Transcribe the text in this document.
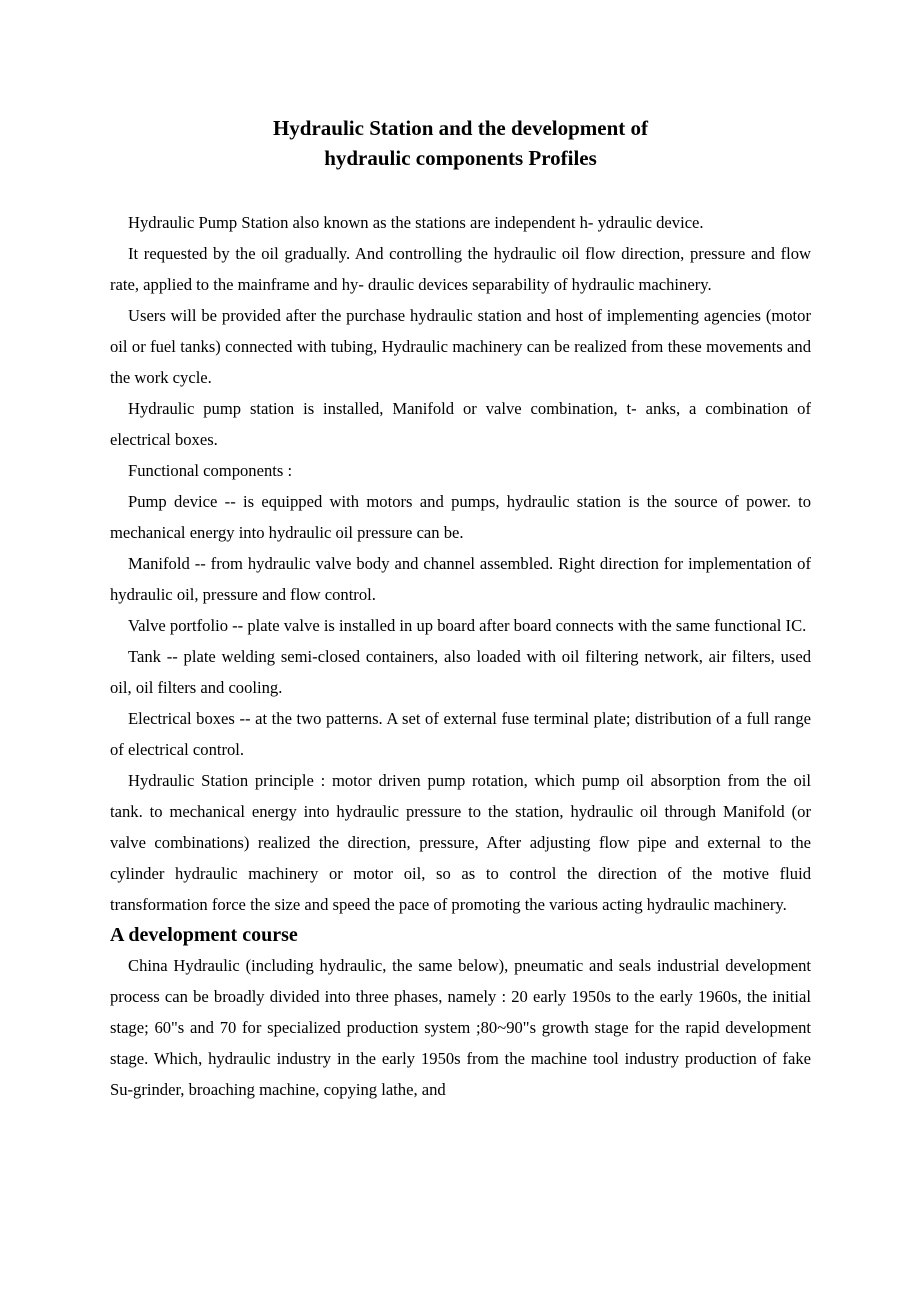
Hydraulic Station and the development of
hydraulic components Profiles

Hydraulic Pump Station also known as the stations are independent h- ydraulic device.

It requested by the oil gradually. And controlling the hydraulic oil flow direction, pressure and flow rate, applied to the mainframe and hy- draulic devices separability of hydraulic machinery.

Users will be provided after the purchase hydraulic station and host of implementing agencies (motor oil or fuel tanks) connected with tubing, Hydraulic machinery can be realized from these movements and the work cycle.

Hydraulic pump station is installed, Manifold or valve combination, t- anks, a combination of electrical boxes.

Functional components :

Pump device -- is equipped with motors and pumps, hydraulic station is the source of power. to mechanical energy into hydraulic oil pressure can be.

Manifold -- from hydraulic valve body and channel assembled. Right direction for implementation of hydraulic oil, pressure and flow control.

Valve portfolio -- plate valve is installed in up board after board connects with the same functional IC.

Tank -- plate welding semi-closed containers, also loaded with oil filtering network, air filters, used oil, oil filters and cooling.

Electrical boxes -- at the two patterns. A set of external fuse terminal plate; distribution of a full range of electrical control.

Hydraulic Station principle : motor driven pump rotation, which pump oil absorption from the oil tank. to mechanical energy into hydraulic pressure to the station, hydraulic oil through Manifold (or valve combinations) realized the direction, pressure, After adjusting flow pipe and external to the cylinder hydraulic machinery or motor oil, so as to control the direction of the motive fluid transformation force the size and speed the pace of promoting the various acting hydraulic machinery.

A development course

China Hydraulic (including hydraulic, the same below), pneumatic and seals industrial development process can be broadly divided into three phases, namely : 20 early 1950s to the early 1960s, the initial stage; 60"s and 70 for specialized production system ;80~90"s growth stage for the rapid development stage. Which, hydraulic industry in the early 1950s from the machine tool industry production of fake Su-grinder, broaching machine, copying lathe, and
